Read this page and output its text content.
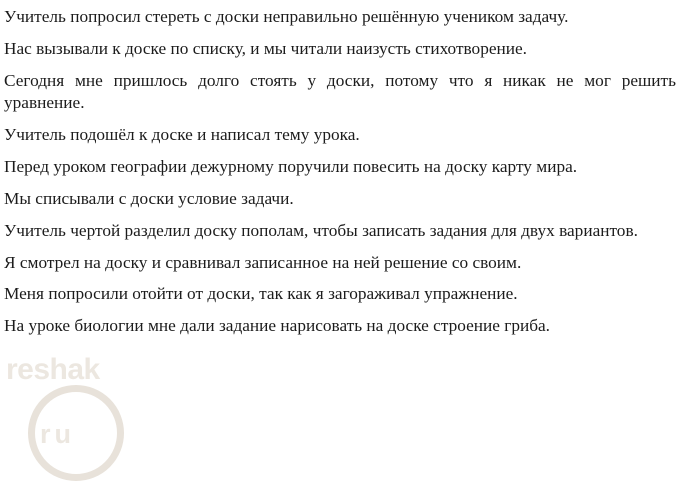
reshak
ru

Учитель попросил стереть с доски неправильно решённую учеником задачу.

Нас вызывали к доске по списку, и мы читали наизусть стихотворение.

Сегодня мне пришлось долго стоять у доски, потому что я никак не мог решить уравнение.

Учитель подошёл к доске и написал тему урока.

Перед уроком географии дежурному поручили повесить на доску карту мира.

Мы списывали с доски условие задачи.

Учитель чертой разделил доску пополам, чтобы записать задания для двух вариантов.

Я смотрел на доску и сравнивал записанное на ней решение со своим.

Меня попросили отойти от доски, так как я загораживал упражнение.

На уроке биологии мне дали задание нарисовать на доске строение гриба.
